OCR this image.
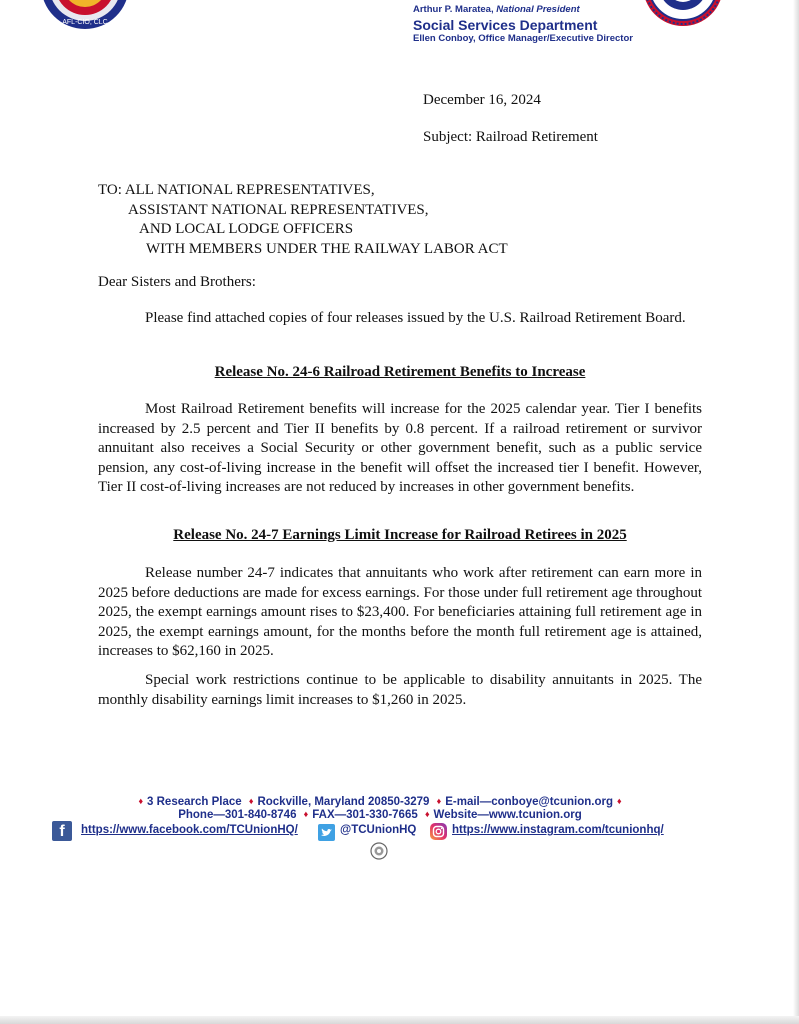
AFL-CIO, CLC
Arthur P. Maratea, National President
Social Services Department
Ellen Conboy, Office Manager/Executive Director
December 16, 2024
Subject: Railroad Retirement
TO: ALL NATIONAL REPRESENTATIVES,
ASSISTANT NATIONAL REPRESENTATIVES,
AND LOCAL LODGE OFFICERS
WITH MEMBERS UNDER THE RAILWAY LABOR ACT
Dear Sisters and Brothers:
Please find attached copies of four releases issued by the U.S. Railroad Retirement Board.
Release No. 24-6 Railroad Retirement Benefits to Increase
Most Railroad Retirement benefits will increase for the 2025 calendar year. Tier I benefits increased by 2.5 percent and Tier II benefits by 0.8 percent. If a railroad retirement or survivor annuitant also receives a Social Security or other government benefit, such as a public service pension, any cost-of-living increase in the benefit will offset the increased tier I benefit. However, Tier II cost-of-living increases are not reduced by increases in other government benefits.
Release No. 24-7 Earnings Limit Increase for Railroad Retirees in 2025
Release number 24-7 indicates that annuitants who work after retirement can earn more in 2025 before deductions are made for excess earnings. For those under full retirement age throughout 2025, the exempt earnings amount rises to $23,400. For beneficiaries attaining full retirement age in 2025, the exempt earnings amount, for the months before the month full retirement age is attained, increases to $62,160 in 2025.
Special work restrictions continue to be applicable to disability annuitants in 2025. The monthly disability earnings limit increases to $1,260 in 2025.
♦ 3 Research Place ♦ Rockville, Maryland 20850-3279 ♦ E-mail—conboye@tcunion.org ♦
Phone—301-840-8746 ♦ FAX—301-330-7665 ♦ Website—www.tcunion.org
f	https://www.facebook.com/TCUnionHQ/	@TCUnionHQ	https://www.instagram.com/tcunionhq/
